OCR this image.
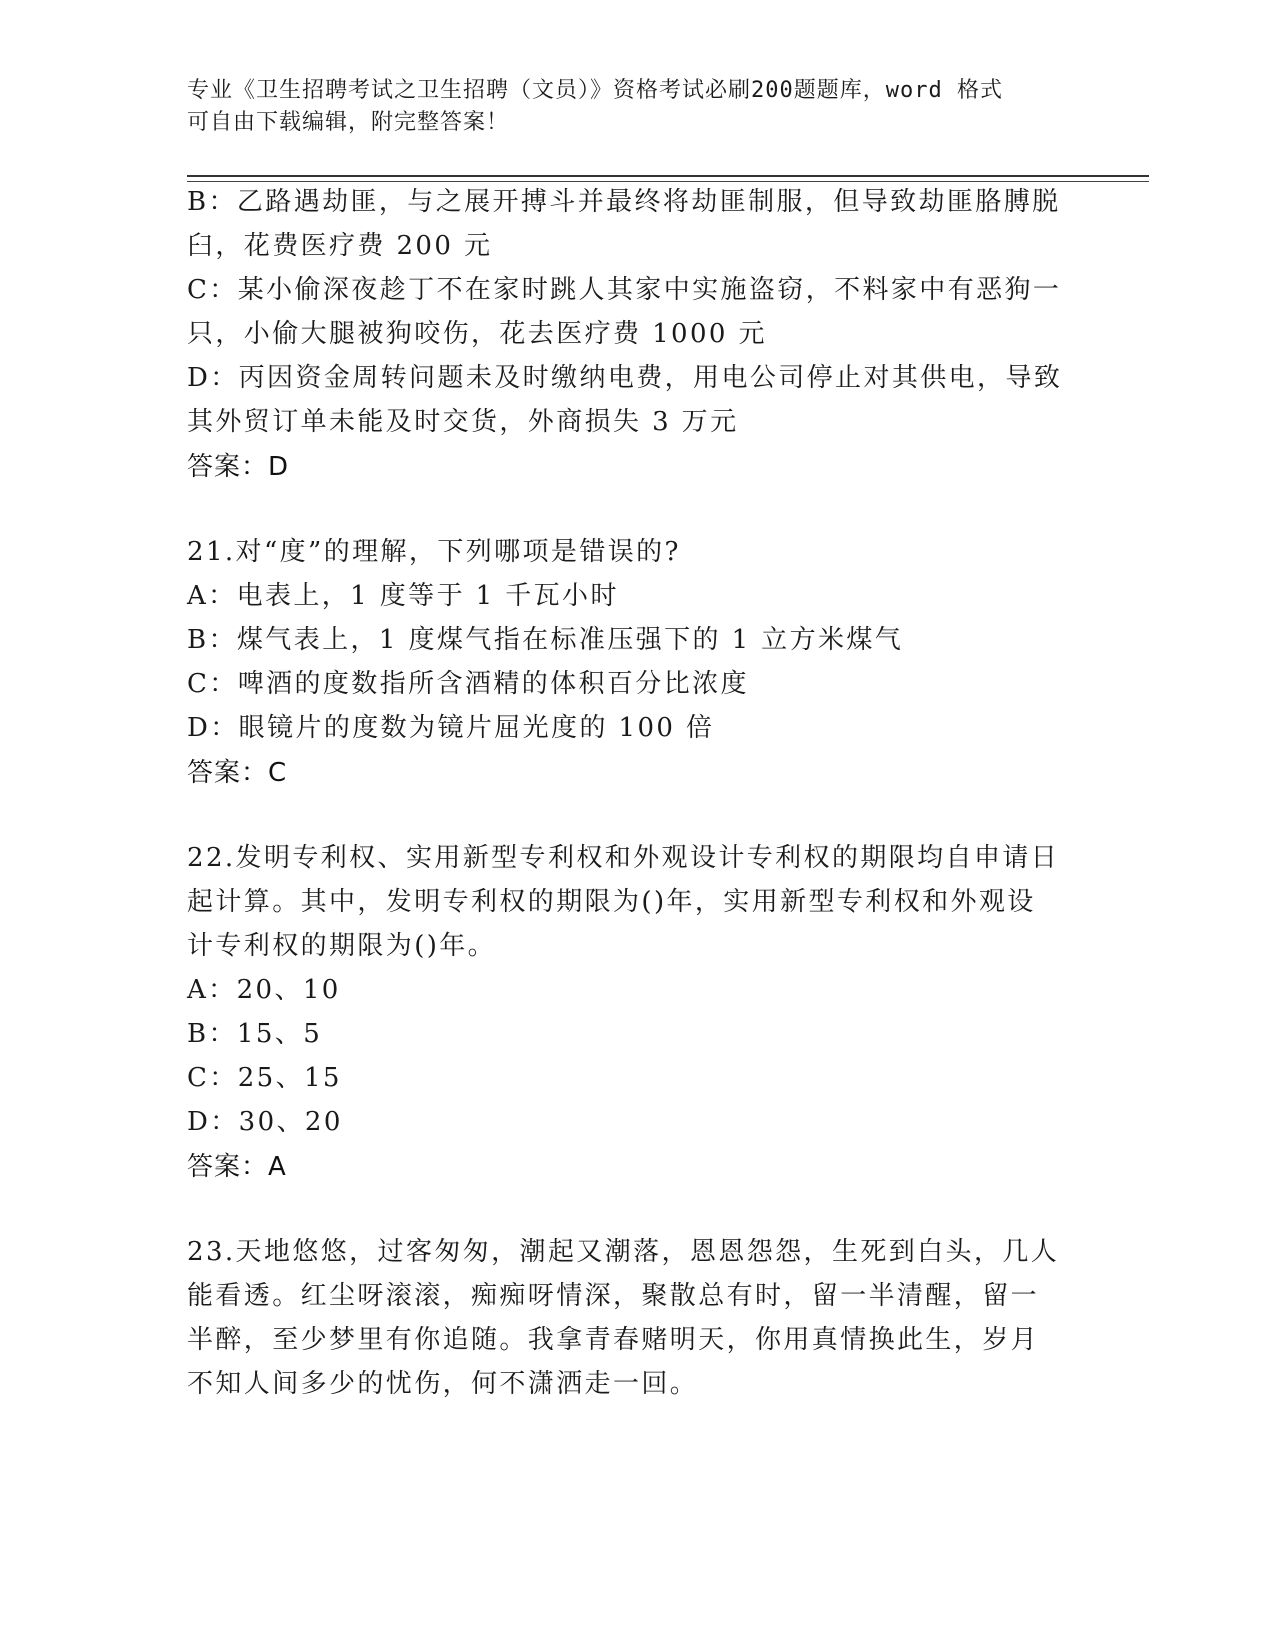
专业《卫生招聘考试之卫生招聘（文员）》资格考试必刷200题题库，word 格式
可自由下载编辑，附完整答案！
B：乙路遇劫匪，与之展开搏斗并最终将劫匪制服，但导致劫匪胳膊脱
臼，花费医疗费 200 元
C：某小偷深夜趁丁不在家时跳人其家中实施盗窃，不料家中有恶狗一
只，小偷大腿被狗咬伤，花去医疗费 1000 元
D：丙因资金周转问题未及时缴纳电费，用电公司停止对其供电，导致
其外贸订单未能及时交货，外商损失 3 万元
答案：D
21.对“度”的理解，下列哪项是错误的?
A：电表上，1 度等于 1 千瓦小时
B：煤气表上，1 度煤气指在标准压强下的 1 立方米煤气
C：啤酒的度数指所含酒精的体积百分比浓度
D：眼镜片的度数为镜片屈光度的 100 倍
答案：C
22.发明专利权、实用新型专利权和外观设计专利权的期限均自申请日
起计算。其中，发明专利权的期限为()年，实用新型专利权和外观设
计专利权的期限为()年。
A：20、10
B：15、5
C：25、15
D：30、20
答案：A
23.天地悠悠，过客匆匆，潮起又潮落，恩恩怨怨，生死到白头，几人
能看透。红尘呀滚滚，痴痴呀情深，聚散总有时，留一半清醒，留一
半醉，至少梦里有你追随。我拿青春赌明天，你用真情换此生，岁月
不知人间多少的忧伤，何不潇洒走一回。
